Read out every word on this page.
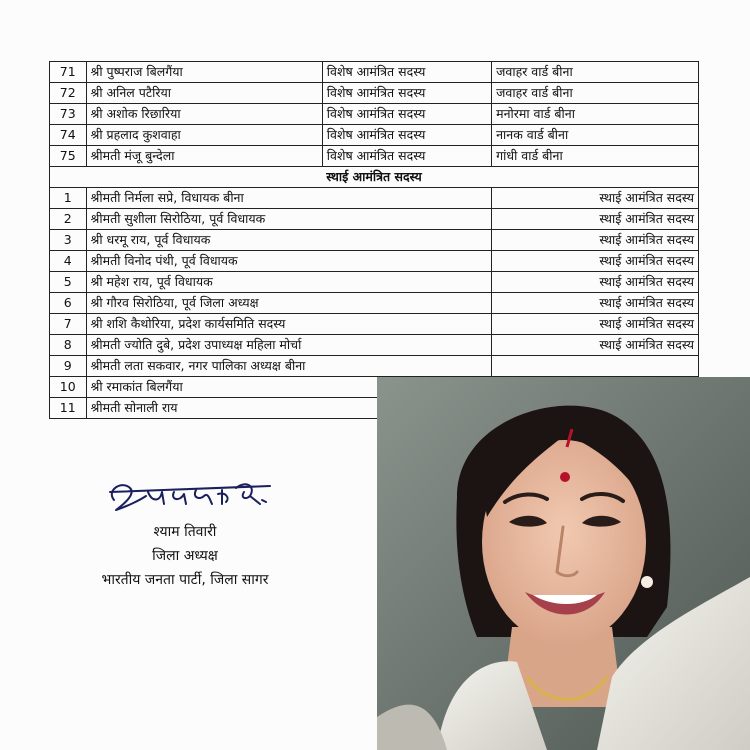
71	श्री पुष्पराज बिलगैंया	विशेष आमंत्रित सदस्य	जवाहर वार्ड बीना
72	श्री अनिल पटैरिया	विशेष आमंत्रित सदस्य	जवाहर वार्ड बीना
73	श्री अशोक रिछारिया	विशेष आमंत्रित सदस्य	मनोरमा वार्ड बीना
74	श्री प्रहलाद कुशवाहा	विशेष आमंत्रित सदस्य	नानक वार्ड बीना
75	श्रीमती मंजू बुन्देला	विशेष आमंत्रित सदस्य	गांधी वार्ड बीना
स्थाई आमंत्रित सदस्य			
1	श्रीमती निर्मला सप्रे, विधायक बीना		स्थाई आमंत्रित सदस्य
2	श्रीमती सुशीला सिरोठिया, पूर्व विधायक		स्थाई आमंत्रित सदस्य
3	श्री धरमू राय, पूर्व विधायक		स्थाई आमंत्रित सदस्य
4	श्रीमती विनोद पंथी, पूर्व विधायक		स्थाई आमंत्रित सदस्य
5	श्री महेश राय, पूर्व विधायक		स्थाई आमंत्रित सदस्य
6	श्री गौरव सिरोठिया, पूर्व जिला अध्यक्ष		स्थाई आमंत्रित सदस्य
7	श्री शशि कैथोरिया, प्रदेश कार्यसमिति सदस्य		स्थाई आमंत्रित सदस्य
8	श्रीमती ज्योति दुबे, प्रदेश उपाध्यक्ष महिला मोर्चा		स्थाई आमंत्रित सदस्य
9	श्रीमती लता सकवार, नगर पालिका अध्यक्ष बीना		
10	श्री रमाकांत बिलगैंया		
11	श्रीमती सोनाली राय		
श्याम तिवारी
जिला अध्यक्ष
भारतीय जनता पार्टी, जिला सागर
